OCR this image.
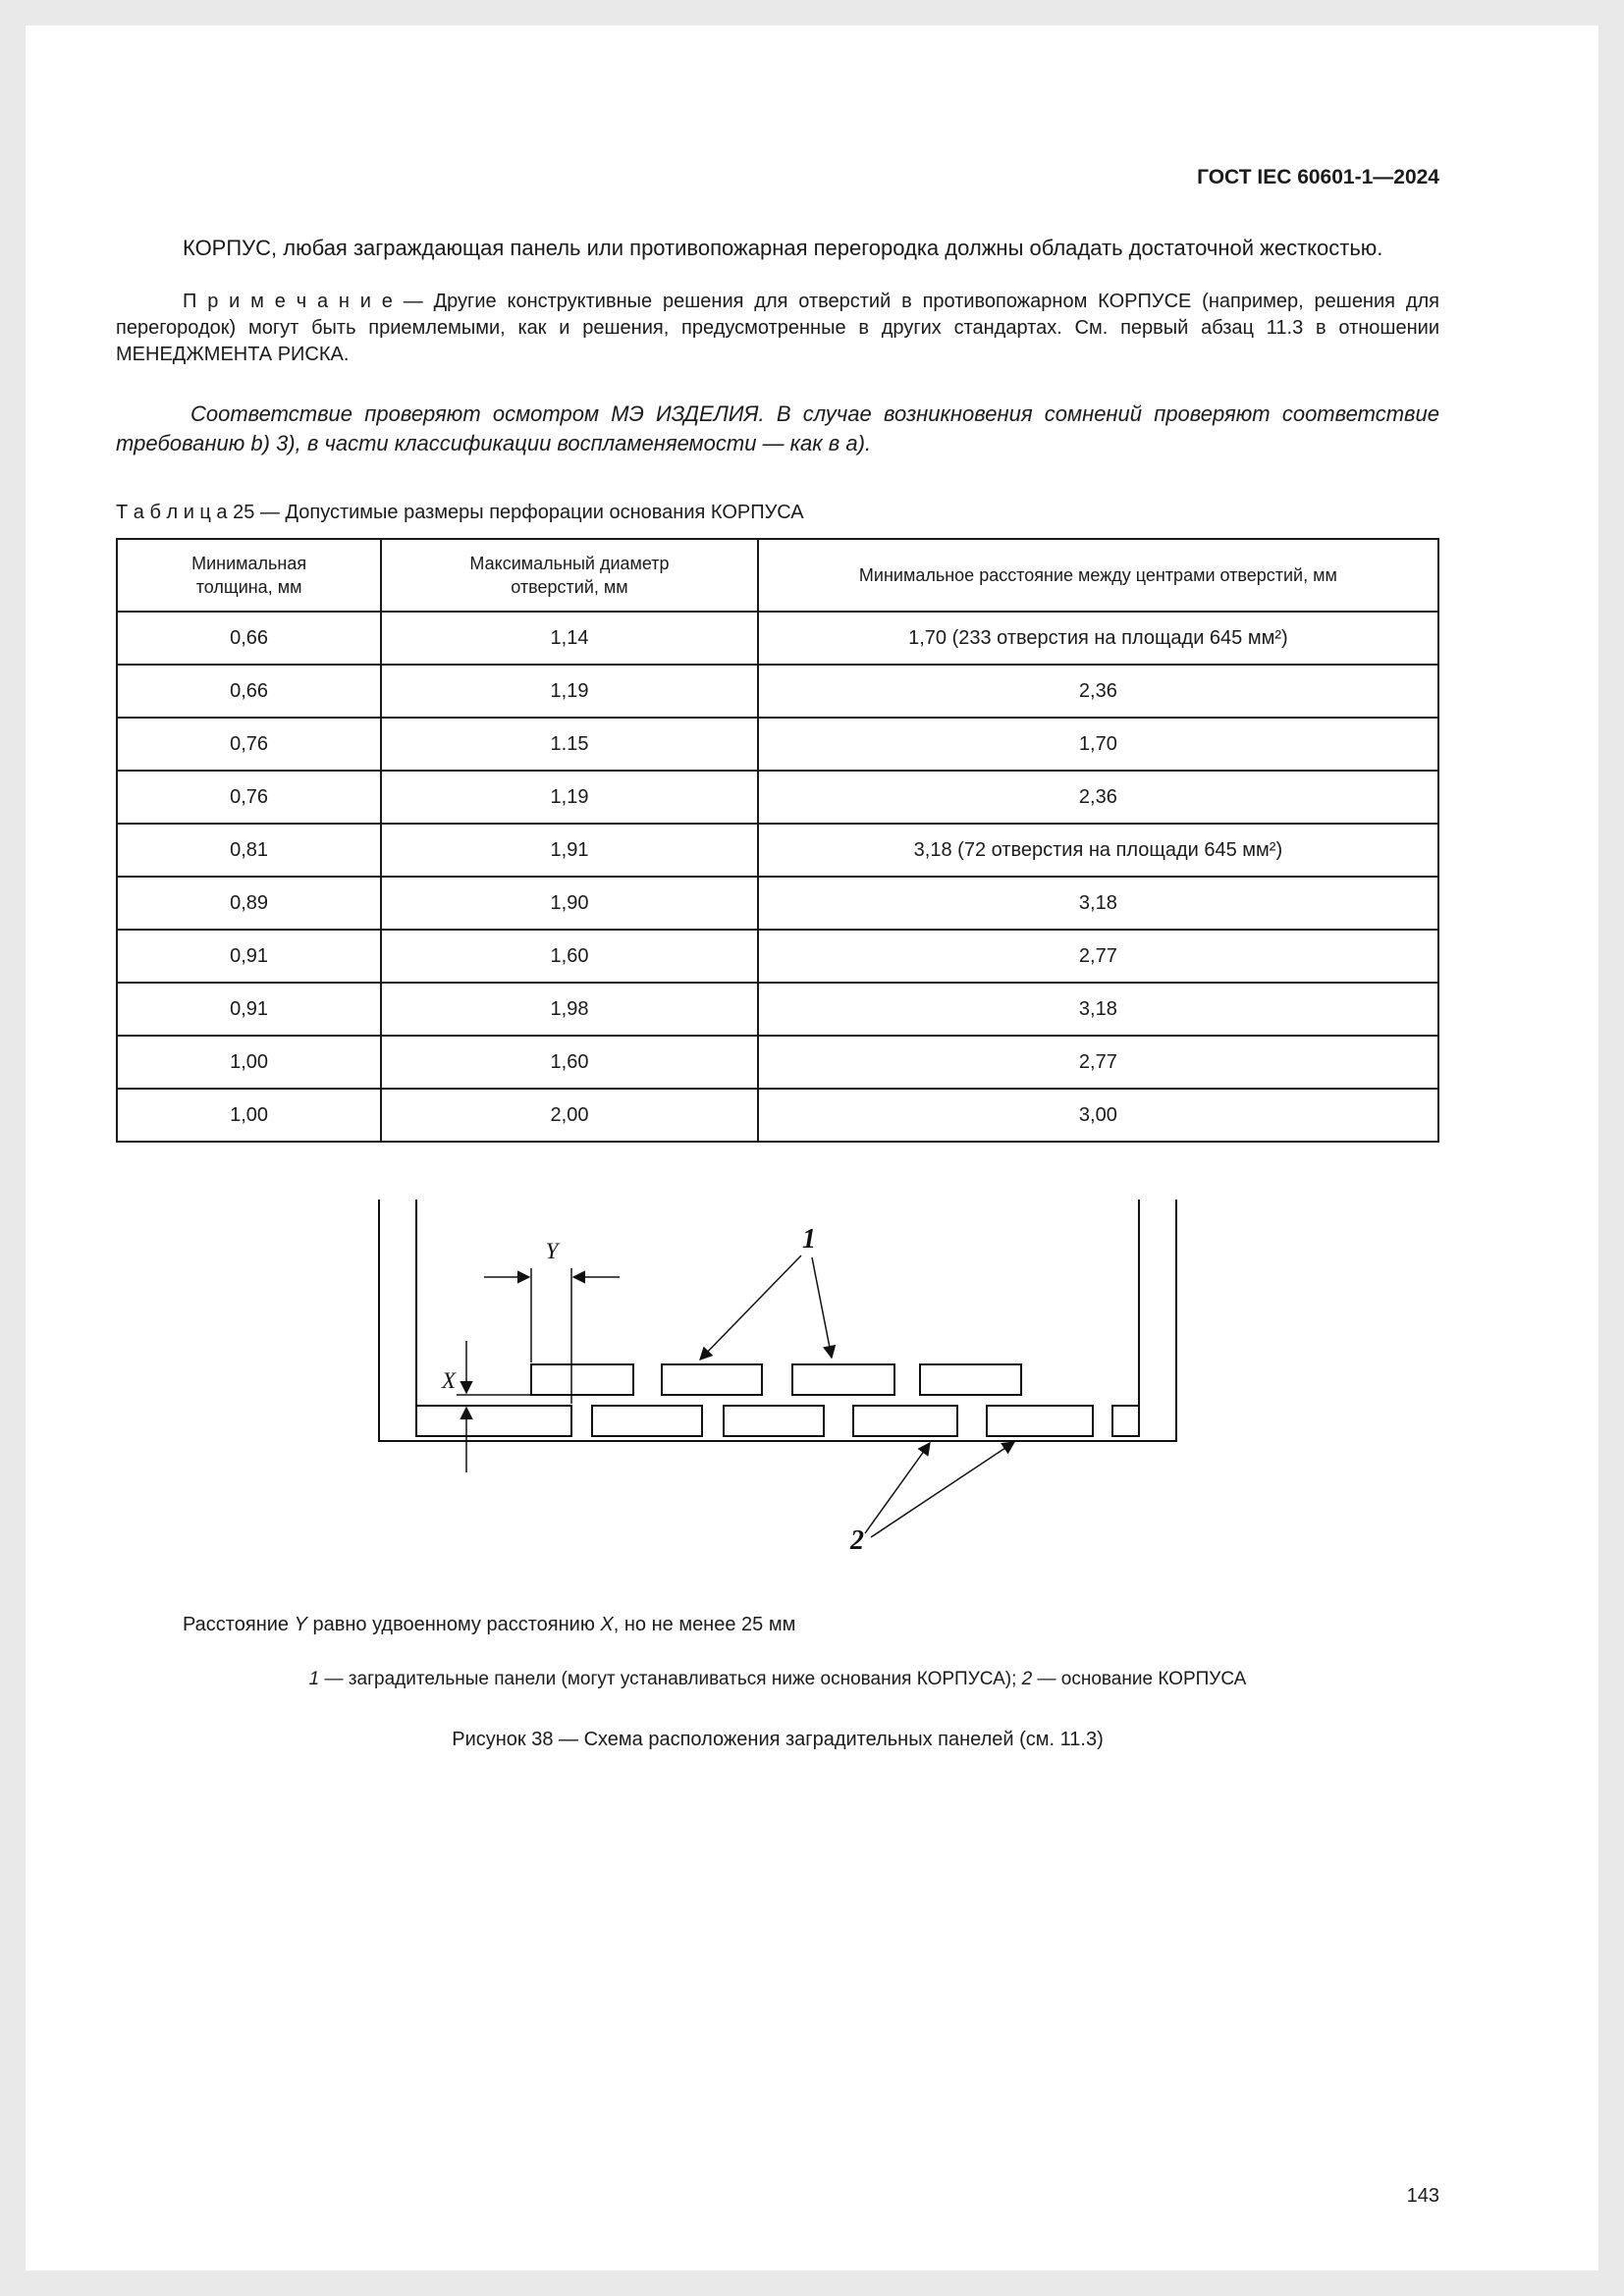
ГОСТ IEC 60601-1—2024

КОРПУС, любая заграждающая панель или противопожарная перегородка должны обладать достаточной жесткостью.

П р и м е ч а н и е — Другие конструктивные решения для отверстий в противопожарном КОРПУСЕ (например, решения для перегородок) могут быть приемлемыми, как и решения, предусмотренные в других стандартах. См. первый абзац 11.3 в отношении МЕНЕДЖМЕНТА РИСКА.

Соответствие проверяют осмотром МЭ ИЗДЕЛИЯ. В случае возникновения сомнений проверяют соответствие требованию b) 3), в части классификации воспламеняемости — как в a).

Т а б л и ц а 25 — Допустимые размеры перфорации основания КОРПУСА

Минимальная толщина, мм	Максимальный диаметр отверстий, мм	Минимальное расстояние между центрами отверстий, мм
0,66	1,14	1,70 (233 отверстия на площади 645 мм²)
0,66	1,19	2,36
0,76	1.15	1,70
0,76	1,19	2,36
0,81	1,91	3,18 (72 отверстия на площади 645 мм²)
0,89	1,90	3,18
0,91	1,60	2,77
0,91	1,98	3,18
1,00	1,60	2,77
1,00	2,00	3,00
Y
X
1
2

Расстояние Y равно удвоенному расстоянию X, но не менее 25 мм

1 — заградительные панели (могут устанавливаться ниже основания КОРПУСА); 2 — основание КОРПУСА

Рисунок 38 — Схема расположения заградительных панелей (см. 11.3)

143
